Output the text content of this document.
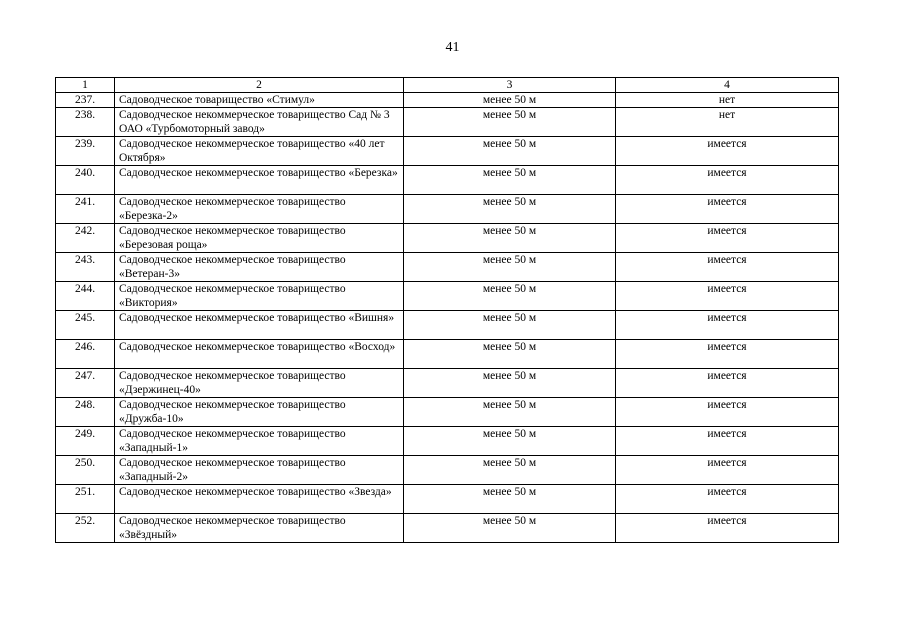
41
1	2	3	4
237.	Садоводческое товарищество «Стимул»	менее 50 м	нет
238.	Садоводческое некоммерческое товарищество Сад № 3 ОАО «Турбомоторный завод»	менее 50 м	нет
239.	Садоводческое некоммерческое товарищество «40 лет Октября»	менее 50 м	имеется
240.	Садоводческое некоммерческое товарищество «Березка»	менее 50 м	имеется
241.	Садоводческое некоммерческое товарищество «Березка-2»	менее 50 м	имеется
242.	Садоводческое некоммерческое товарищество «Березовая роща»	менее 50 м	имеется
243.	Садоводческое некоммерческое товарищество «Ветеран-3»	менее 50 м	имеется
244.	Садоводческое некоммерческое товарищество «Виктория»	менее 50 м	имеется
245.	Садоводческое некоммерческое товарищество «Вишня»	менее 50 м	имеется
246.	Садоводческое некоммерческое товарищество «Восход»	менее 50 м	имеется
247.	Садоводческое некоммерческое товарищество «Дзержинец-40»	менее 50 м	имеется
248.	Садоводческое некоммерческое товарищество «Дружба-10»	менее 50 м	имеется
249.	Садоводческое некоммерческое товарищество «Западный-1»	менее 50 м	имеется
250.	Садоводческое некоммерческое товарищество «Западный-2»	менее 50 м	имеется
251.	Садоводческое некоммерческое товарищество «Звезда»	менее 50 м	имеется
252.	Садоводческое некоммерческое товарищество «Звёздный»	менее 50 м	имеется
